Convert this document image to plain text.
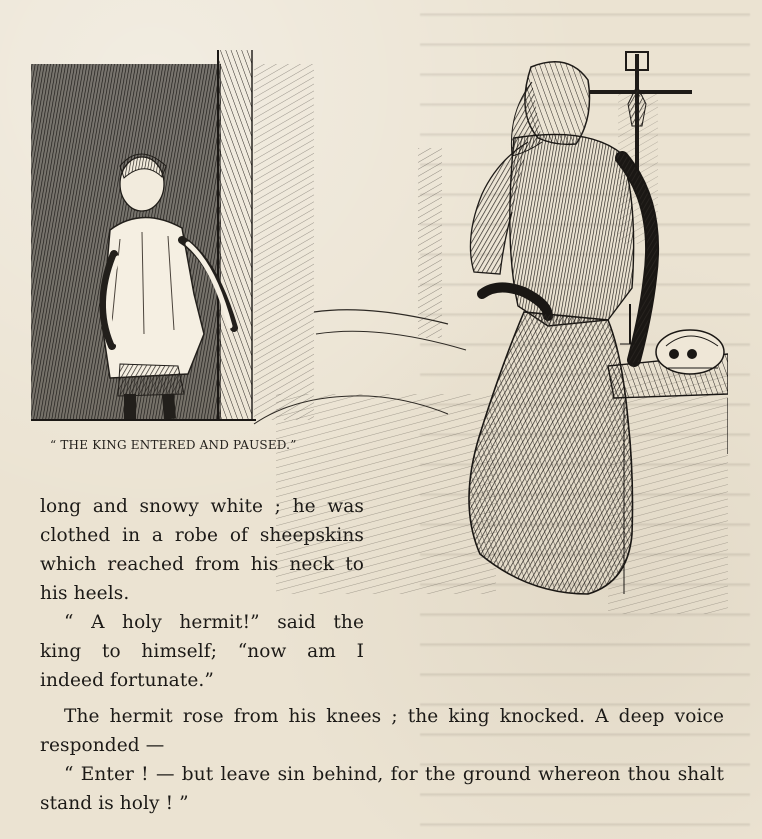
“ THE KING ENTERED AND PAUSED.”
long and snowy white ; he was
clothed in a robe of sheepskins
which reached from his neck to
his heels.
“ A holy hermit!” said the
king to himself; “now am I
indeed fortunate.”
The hermit rose from his knees ; the king knocked. A deep voice
responded —
“ Enter ! — but leave sin behind, for the ground whereon thou shalt
stand is holy ! ”
